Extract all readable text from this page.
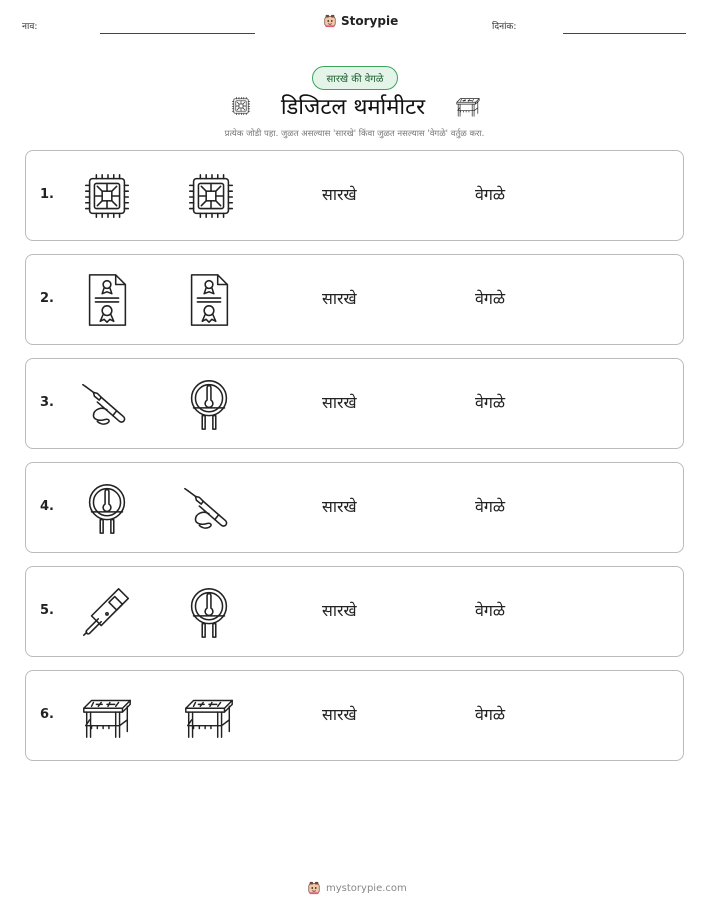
नाव:	Storypie	दिनांक:
सारखे की वेगळे
डिजिटल थर्मामीटर
प्रत्येक जोडी पहा. जुळत असल्यास 'सारखे' किंवा जुळत नसल्यास 'वेगळे' वर्तुळ करा.
1.	सारखे	वेगळे
2.	सारखे	वेगळे
3.	सारखे	वेगळे
4.	सारखे	वेगळे
5.	सारखे	वेगळे
6.	सारखे	वेगळे
mystorypie.com
